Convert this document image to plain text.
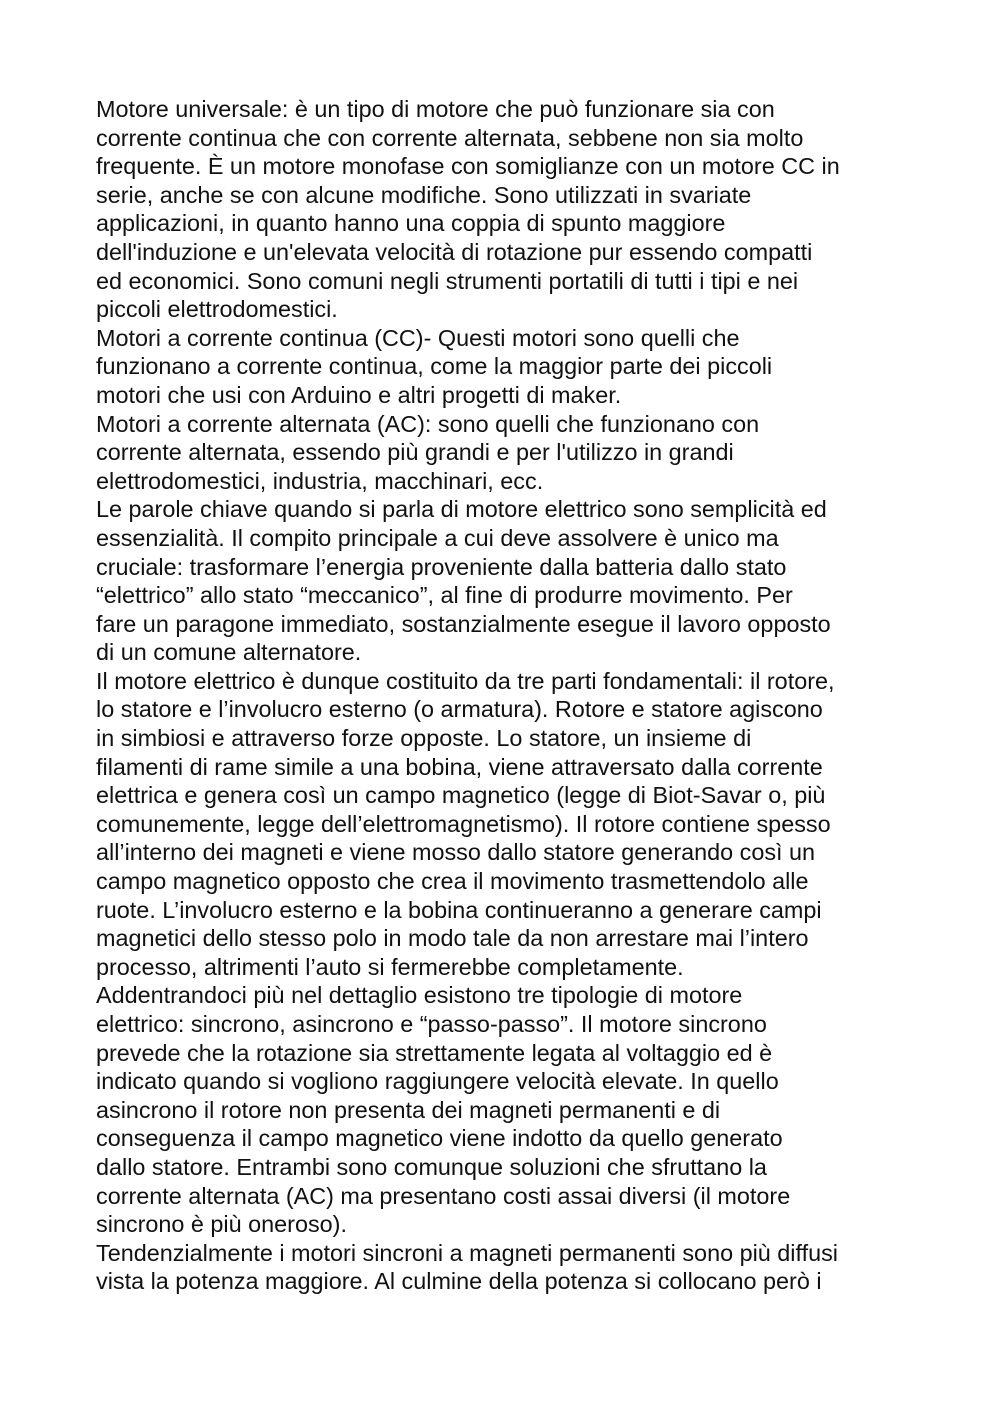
Motore universale: è un tipo di motore che può funzionare sia con
corrente continua che con corrente alternata, sebbene non sia molto
frequente. È un motore monofase con somiglianze con un motore CC in
serie, anche se con alcune modifiche. Sono utilizzati in svariate
applicazioni, in quanto hanno una coppia di spunto maggiore
dell'induzione e un'elevata velocità di rotazione pur essendo compatti
ed economici. Sono comuni negli strumenti portatili di tutti i tipi e nei
piccoli elettrodomestici.
Motori a corrente continua (CC)- Questi motori sono quelli che
funzionano a corrente continua, come la maggior parte dei piccoli
motori che usi con Arduino e altri progetti di maker.
Motori a corrente alternata (AC): sono quelli che funzionano con
corrente alternata, essendo più grandi e per l'utilizzo in grandi
elettrodomestici, industria, macchinari, ecc.
Le parole chiave quando si parla di motore elettrico sono semplicità ed
essenzialità. Il compito principale a cui deve assolvere è unico ma
cruciale: trasformare l’energia proveniente dalla batteria dallo stato
“elettrico” allo stato “meccanico”, al fine di produrre movimento. Per
fare un paragone immediato, sostanzialmente esegue il lavoro opposto
di un comune alternatore.
Il motore elettrico è dunque costituito da tre parti fondamentali: il rotore,
lo statore e l’involucro esterno (o armatura). Rotore e statore agiscono
in simbiosi e attraverso forze opposte. Lo statore, un insieme di
filamenti di rame simile a una bobina, viene attraversato dalla corrente
elettrica e genera così un campo magnetico (legge di Biot-Savar o, più
comunemente, legge dell’elettromagnetismo). Il rotore contiene spesso
all’interno dei magneti e viene mosso dallo statore generando così un
campo magnetico opposto che crea il movimento trasmettendolo alle
ruote. L’involucro esterno e la bobina continueranno a generare campi
magnetici dello stesso polo in modo tale da non arrestare mai l’intero
processo, altrimenti l’auto si fermerebbe completamente.
Addentrandoci più nel dettaglio esistono tre tipologie di motore
elettrico: sincrono, asincrono e “passo-passo”. Il motore sincrono
prevede che la rotazione sia strettamente legata al voltaggio ed è
indicato quando si vogliono raggiungere velocità elevate. In quello
asincrono il rotore non presenta dei magneti permanenti e di
conseguenza il campo magnetico viene indotto da quello generato
dallo statore. Entrambi sono comunque soluzioni che sfruttano la
corrente alternata (AC) ma presentano costi assai diversi (il motore
sincrono è più oneroso).
Tendenzialmente i motori sincroni a magneti permanenti sono più diffusi
vista la potenza maggiore. Al culmine della potenza si collocano però i
